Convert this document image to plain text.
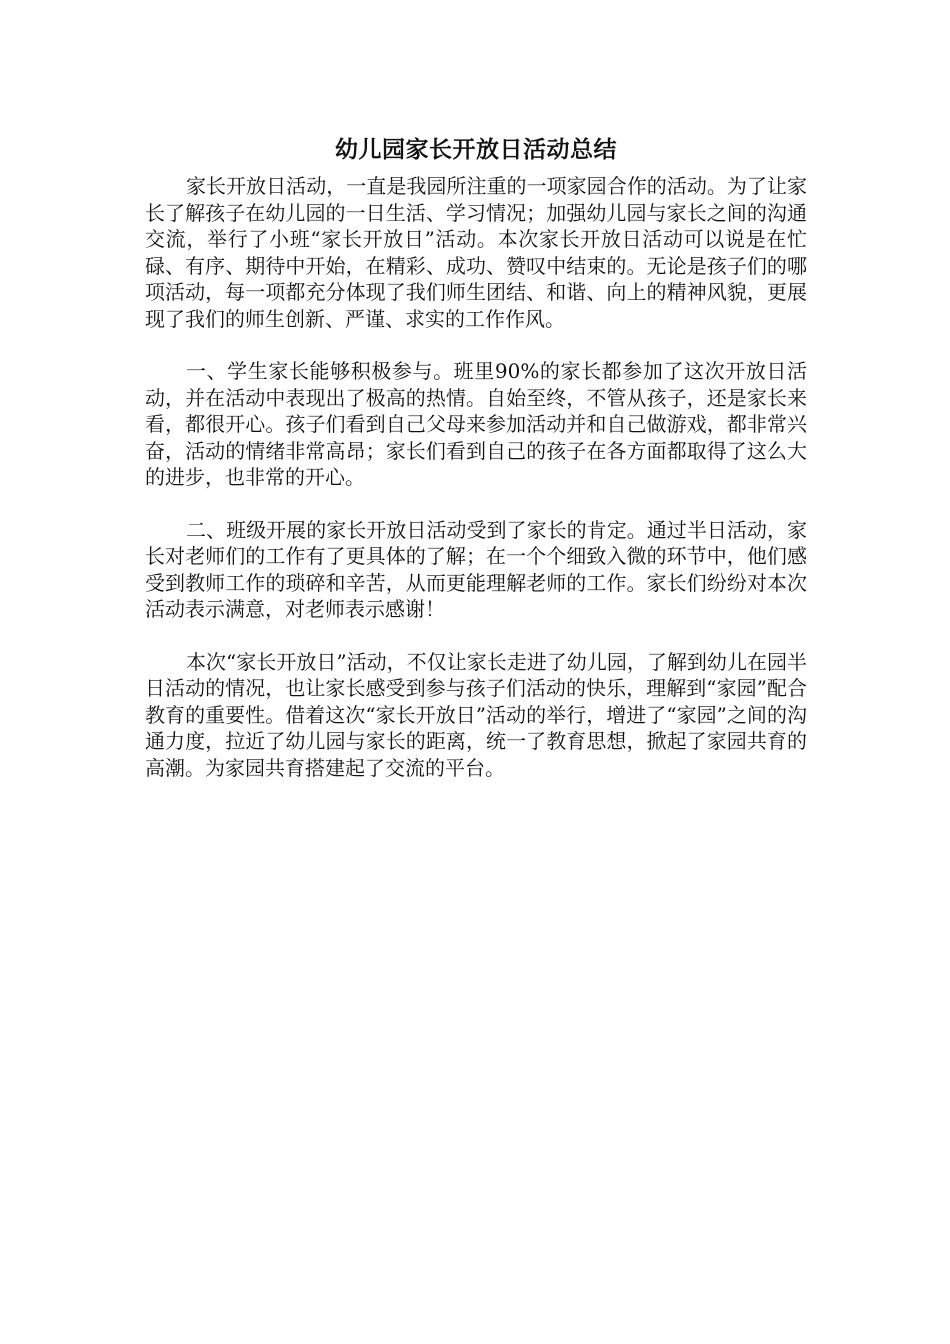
幼儿园家长开放日活动总结

家长开放日活动，一直是我园所注重的一项家园合作的活动。为了让家长了解孩子在幼儿园的一日生活、学习情况；加强幼儿园与家长之间的沟通交流，举行了小班“家长开放日”活动。本次家长开放日活动可以说是在忙碌、有序、期待中开始，在精彩、成功、赞叹中结束的。无论是孩子们的哪项活动，每一项都充分体现了我们师生团结、和谐、向上的精神风貌，更展现了我们的师生创新、严谨、求实的工作作风。

一、学生家长能够积极参与。班里90%的家长都参加了这次开放日活动，并在活动中表现出了极高的热情。自始至终，不管从孩子，还是家长来看，都很开心。孩子们看到自己父母来参加活动并和自己做游戏，都非常兴奋，活动的情绪非常高昂；家长们看到自己的孩子在各方面都取得了这么大的进步，也非常的开心。

二、班级开展的家长开放日活动受到了家长的肯定。通过半日活动，家长对老师们的工作有了更具体的了解；在一个个细致入微的环节中，他们感受到教师工作的琐碎和辛苦，从而更能理解老师的工作。家长们纷纷对本次活动表示满意，对老师表示感谢！

本次“家长开放日”活动，不仅让家长走进了幼儿园，了解到幼儿在园半日活动的情况，也让家长感受到参与孩子们活动的快乐，理解到“家园”配合教育的重要性。借着这次“家长开放日”活动的举行，增进了“家园”之间的沟通力度，拉近了幼儿园与家长的距离，统一了教育思想，掀起了家园共育的高潮。为家园共育搭建起了交流的平台。
